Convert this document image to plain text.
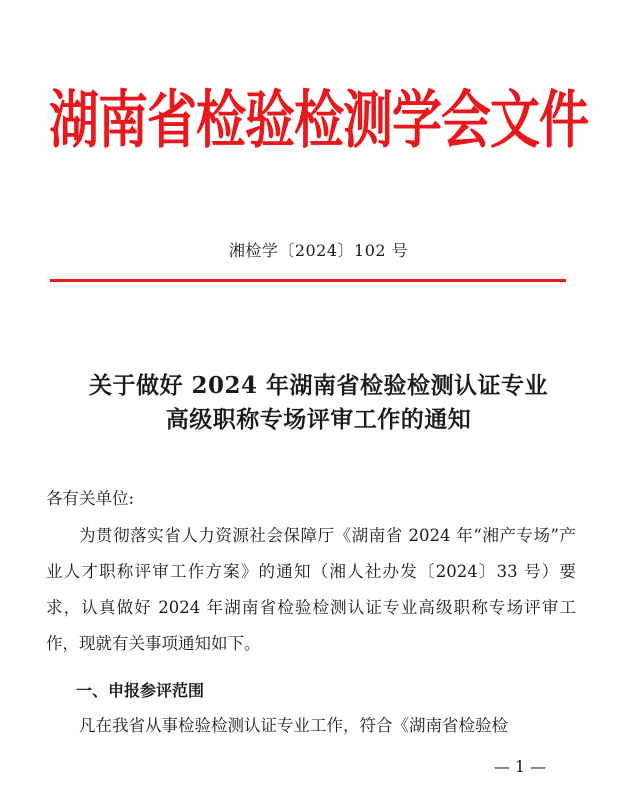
湖南省检验检测学会文件
湘检学〔2024〕102 号
关于做好 2024 年湖南省检验检测认证专业
高级职称专场评审工作的通知
各有关单位:
为贯彻落实省人力资源社会保障厅《湖南省 2024 年“湘产专场”产业人才职称评审工作方案》的通知（湘人社办发〔2024〕33 号）要求，认真做好 2024 年湖南省检验检测认证专业高级职称专场评审工作，现就有关事项通知如下。
一、申报参评范围
凡在我省从事检验检测认证专业工作，符合《湖南省检验检
— 1 —
